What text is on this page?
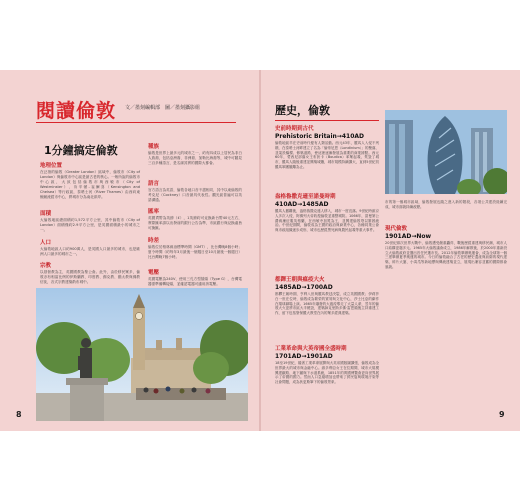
閱讀倫敦 文／墨刻編輯部　圖／墨刻攝影組
1分鐘搞定倫敦
地理位置

在泛指的倫敦（Greater London）區域中，倫敦市（City of London）與倫敦市中心區是最古老的核心。一般所說的倫敦市中心區，大致包括倫敦市與西敏市（City of Westminster）、肯辛頓-雀爾喜（Kensington and Chelsea）等行政區，泰晤士河（River Thames）由西向東蜿蜒流經市中心，將城市分為南北兩岸。

面積

大倫敦地區總面積約1,572平方公里，其中倫敦市（City of London）面積僅約2.9平方公里，是英國面積最小的城市之一。

人口

大倫敦地區人口約900萬人，是英國人口最多的城市，也是歐洲人口最多的城市之一。

宗教

以基督教為主，英國國教為聖公會。此外，由於移民眾多，倫敦亦有相當比例的伊斯蘭教、印度教、錫克教、猶太教與佛教信徒，各式宗教建築散布城中。

種族

倫敦是世界上最多元的城市之一，約有四成以上居民為非白人族裔，包括亞洲裔、非洲裔、加勒比海裔等，城中可聽見三百多種語言，是名副其實的國際大都會。

語言

官方語言為英語，倫敦各地口音不盡相同，其中以東倫敦的考克尼（Cockney）口音最具代表性。觀光區普遍可以英語溝通。

匯率

英國貨幣為英鎊（£），1英鎊約可兌換新台幣40元左右，實際匯率請以出發前的銀行公告為準，市區銀行與兌換處皆可換匯。

時差

倫敦位於格林威治標準時間（GMT），比台灣晚8個小時；夏令時間（約每年3月最後一個週日至10月最後一個週日）比台灣晚7個小時。

電壓

英國電壓為240V，使用三孔方型插頭（Type G），台灣電器需準備轉接頭，並確認電器可適用該電壓。

8
歷史，倫敦
史前時期到古代
Prehistoric Britain→410AD

倫敦地區早在史前時代便有人類活動。西元43年，羅馬人入侵不列顛，在泰晤士河畔建立了名為「倫蒂尼恩（Londinium）」的聚落，並架設橋樑、修築道路，使這裡逐漸發展為重要的商業據點。西元60年，愛西尼部落女王布狄卡（Boudica）率眾起義，焚毀了城市，羅馬人隨後重建並興築城牆，城市規模持續擴大，直到5世紀初羅馬軍團撤離為止。

盎格魯撒克遜至諾曼時期
410AD→1485AD

羅馬人撤離後，盎格魯撒克遜人移入，城市一度沒落。9世紀時維京人多次入侵，阿佛列大帝收復倫敦並重整城防。1066年，諾曼第公爵威廉征服英格蘭，在西敏寺加冕為王，並興建倫敦塔以鞏固統治。中世紀期間，倫敦成為王國的政治與商業中心，各種同業公會與市政組織逐步成形，城市也歷經黑死病與農民起義等重大事件。

都鐸王朝與瘟疫大火
1485AD→1700AD

都鐸王朝時期，亨利八世與羅馬教廷決裂，成立英國國教；伊莉莎白一世在位時，倫敦成為繁榮的貿易與文化中心，莎士比亞的劇作在環球劇場上演。1665年爆發的大瘟疫奪走了大量人命，翌年的倫敦大火更將市區大半燒毀，建築師克里斯多佛·雷恩隨後主持重建工作，留下包括聖保羅大教堂在內的眾多經典建築。

工業革命與大英帝國全盛時期
1701AD→1901AD

18至19世紀，隨著工業革命展開與大英帝國版圖擴張，倫敦成為全世界最大的城市與金融中心。維多利亞女王在位期間，城市大規模興建鐵路、地下鐵與下水道系統，1851年的萬國博覽會更向世界展示了帝國的國力。然而人口急遽增加也帶來了貧民窟與環境汙染等社會問題，成為狄更斯筆下的倫敦景象。

市的第一個城市區域，倫敦發展也隨之進入新的階段，各項公共建設陸續完成，城市面貌持續改變。

現代倫敦
1901AD→Now

20世紀兩次世界大戰中，倫敦遭受嚴重轟炸，戰後歷經重建與移民潮，城市人口結構更趨多元。1965年大倫敦議會成立，1986年解散後，於2000年重新設立大倫敦政府並選出首任民選市長。2012年倫敦舉辦奧運會，成為全球第一個三度舉辦夏季奧運的城市。今日的倫敦融合了古老的歷史遺產與前衛的現代建築，碎片大廈、小黃瓜等新地標與傳統建築並立，展現出兼容並蓄的國際都會風貌。

9
